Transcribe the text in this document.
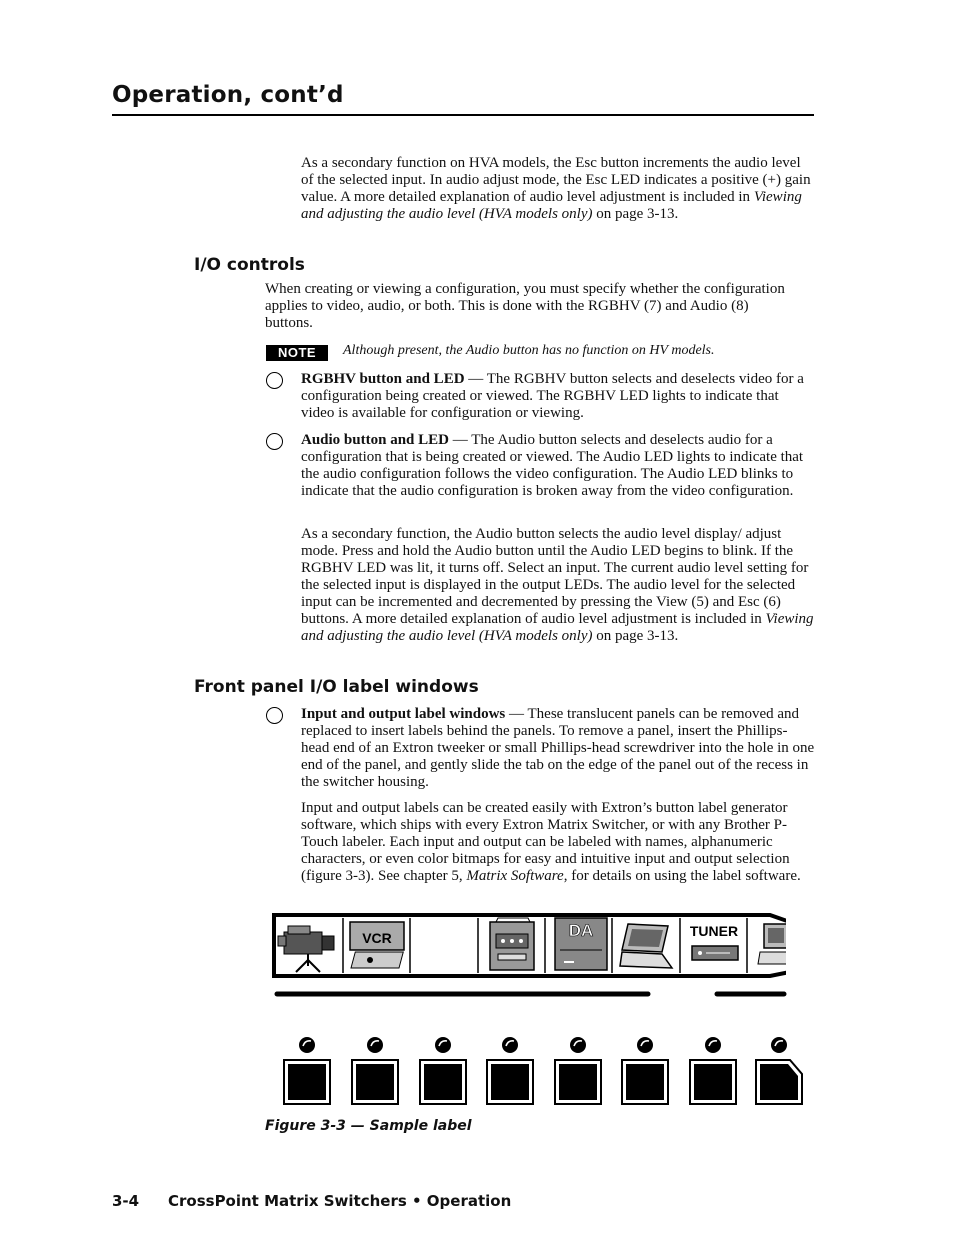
Operation, cont’d

As a secondary function on HVA models, the Esc button increments the audio level of the selected input. In audio adjust mode, the Esc LED indicates a positive (+) gain value. A more detailed explanation of audio level adjustment is included in Viewing and adjusting the audio level (HVA models only) on page 3-13.

I/O controls

When creating or viewing a configuration, you must specify whether the configuration applies to video, audio, or both. This is done with the RGBHV (7) and Audio (8) buttons.

NOTE	Although present, the Audio button has no function on HV models.

RGBHV button and LED — The RGBHV button selects and deselects video for a configuration being created or viewed. The RGBHV LED lights to indicate that video is available for configuration or viewing.

Audio button and LED — The Audio button selects and deselects audio for a configuration that is being created or viewed. The Audio LED lights to indicate that the audio configuration follows the video configuration. The Audio LED blinks to indicate that the audio configuration is broken away from the video configuration.

As a secondary function, the Audio button selects the audio level display/ adjust mode. Press and hold the Audio button until the Audio LED begins to blink. If the RGBHV LED was lit, it turns off. Select an input. The current audio level setting for the selected input is displayed in the output LEDs. The audio level for the selected input can be incremented and decremented by pressing the View (5) and Esc (6) buttons. A more detailed explanation of audio level adjustment is included in Viewing and adjusting the audio level (HVA models only) on page 3-13.

Front panel I/O label windows

Input and output label windows — These translucent panels can be removed and replaced to insert labels behind the panels. To remove a panel, insert the Phillips-head end of an Extron tweeker or small Phillips-head screwdriver into the hole in one end of the panel, and gently slide the tab on the edge of the panel out of the recess in the switcher housing.

Input and output labels can be created easily with Extron’s button label generator software, which ships with every Extron Matrix Switcher, or with any Brother P-Touch labeler. Each input and output can be labeled with names, alphanumeric characters, or even color bitmaps for easy and intuitive input and output selection (figure 3-3). See chapter 5, Matrix Software, for details on using the label software.

VCR	DA	TUNER

Figure 3-3 — Sample label

3-4 CrossPoint Matrix Switchers • Operation
